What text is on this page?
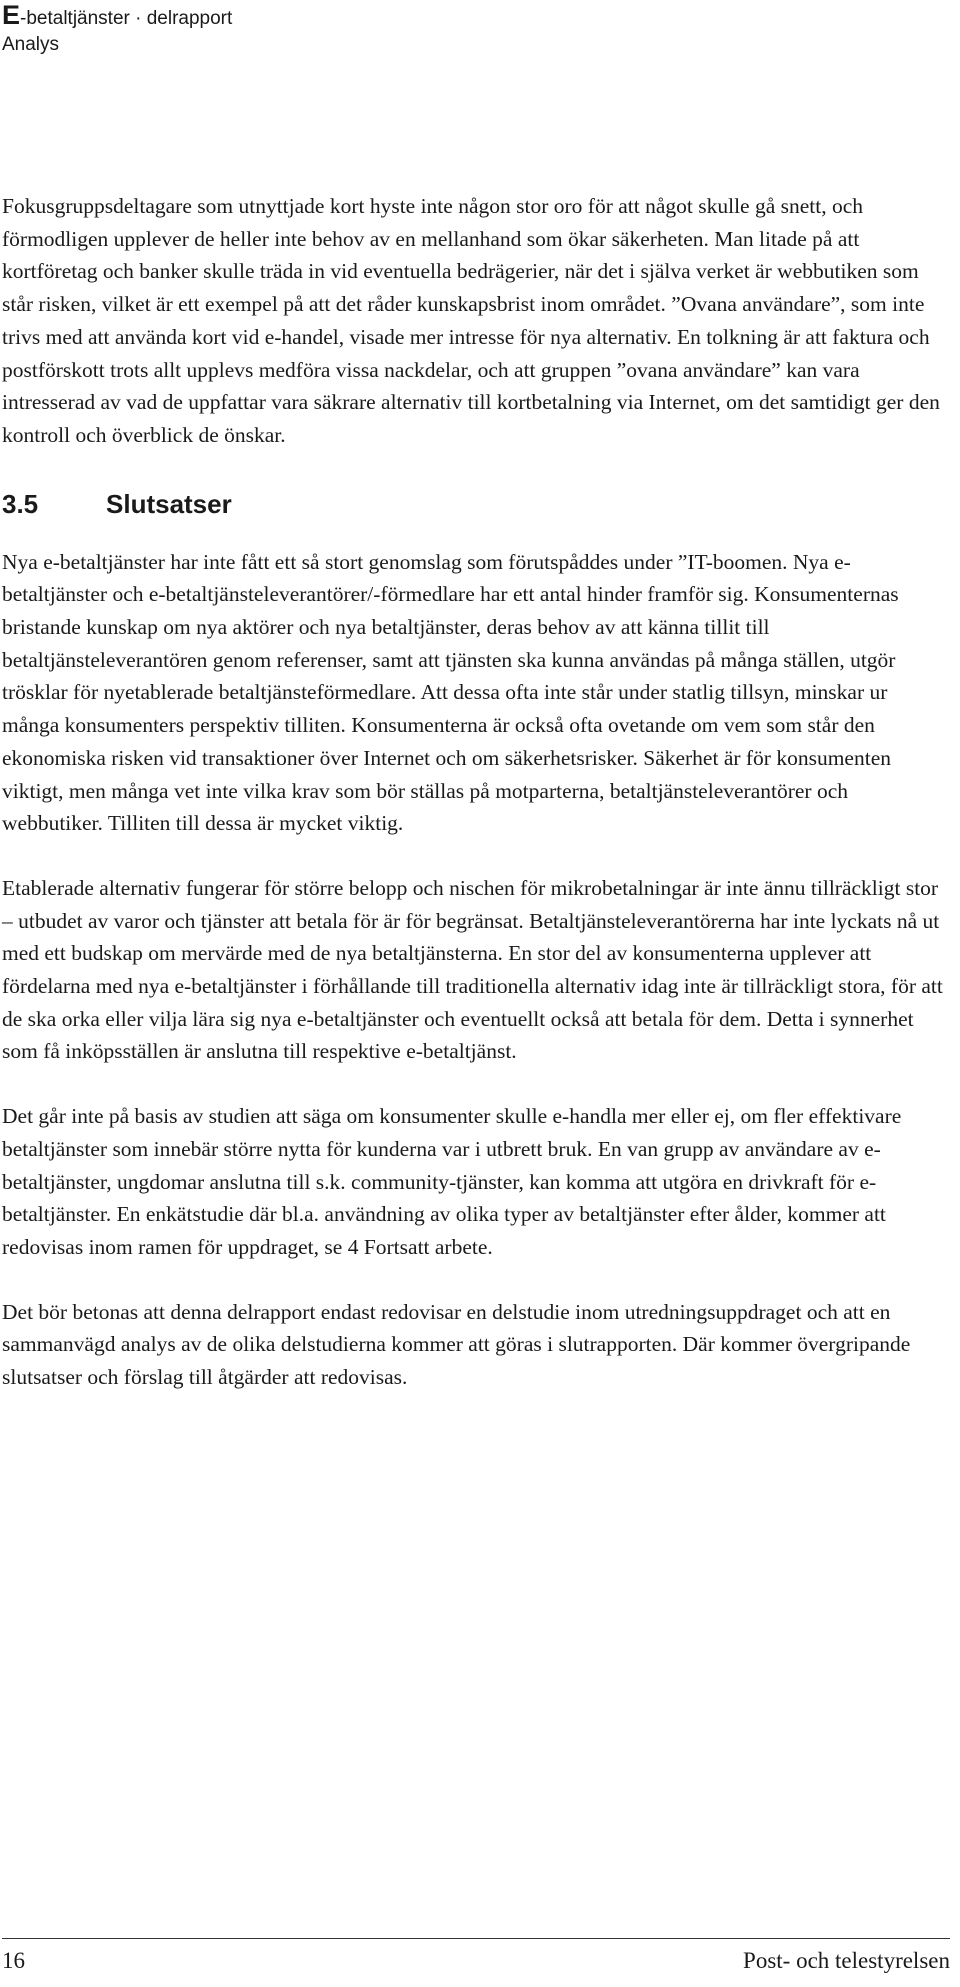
E-betaltjänster · delrapport
Analys

Fokusgruppsdeltagare som utnyttjade kort hyste inte någon stor oro för att något skulle gå snett, och förmodligen upplever de heller inte behov av en mellanhand som ökar säkerheten. Man litade på att kortföretag och banker skulle träda in vid eventuella bedrägerier, när det i själva verket är webbutiken som står risken, vilket är ett exempel på att det råder kunskapsbrist inom området. ”Ovana användare”, som inte trivs med att använda kort vid e-handel, visade mer intresse för nya alternativ. En tolkning är att faktura och postförskott trots allt upplevs medföra vissa nackdelar, och att gruppen ”ovana användare” kan vara intresserad av vad de uppfattar vara säkrare alternativ till kortbetalning via Internet, om det samtidigt ger den kontroll och överblick de önskar.

3.5	Slutsatser

Nya e-betaltjänster har inte fått ett så stort genomslag som förutspåddes under ”IT-boomen. Nya e-betaltjänster och e-betaltjänsteleverantörer/-förmedlare har ett antal hinder framför sig. Konsumenternas bristande kunskap om nya aktörer och nya betaltjänster, deras behov av att känna tillit till betaltjänsteleverantören genom referenser, samt att tjänsten ska kunna användas på många ställen, utgör trösklar för nyetablerade betaltjänsteförmedlare. Att dessa ofta inte står under statlig tillsyn, minskar ur många konsumenters perspektiv tilliten. Konsumenterna är också ofta ovetande om vem som står den ekonomiska risken vid transaktioner över Internet och om säkerhetsrisker. Säkerhet är för konsumenten viktigt, men många vet inte vilka krav som bör ställas på motparterna, betaltjänsteleverantörer och webbutiker. Tilliten till dessa är mycket viktig.

Etablerade alternativ fungerar för större belopp och nischen för mikrobetalningar är inte ännu tillräckligt stor – utbudet av varor och tjänster att betala för är för begränsat. Betaltjänsteleverantörerna har inte lyckats nå ut med ett budskap om mervärde med de nya betaltjänsterna. En stor del av konsumenterna upplever att fördelarna med nya e-betaltjänster i förhållande till traditionella alternativ idag inte är tillräckligt stora, för att de ska orka eller vilja lära sig nya e-betaltjänster och eventuellt också att betala för dem. Detta i synnerhet som få inköpsställen är anslutna till respektive e-betaltjänst.

Det går inte på basis av studien att säga om konsumenter skulle e-handla mer eller ej, om fler effektivare betaltjänster som innebär större nytta för kunderna var i utbrett bruk. En van grupp av användare av e-betaltjänster, ungdomar anslutna till s.k. community-tjänster, kan komma att utgöra en drivkraft för e-betaltjänster. En enkätstudie där bl.a. användning av olika typer av betaltjänster efter ålder, kommer att redovisas inom ramen för uppdraget, se 4 Fortsatt arbete.

Det bör betonas att denna delrapport endast redovisar en delstudie inom utredningsuppdraget och att en sammanvägd analys av de olika delstudierna kommer att göras i slutrapporten. Där kommer övergripande slutsatser och förslag till åtgärder att redovisas.

16	Post- och telestyrelsen
